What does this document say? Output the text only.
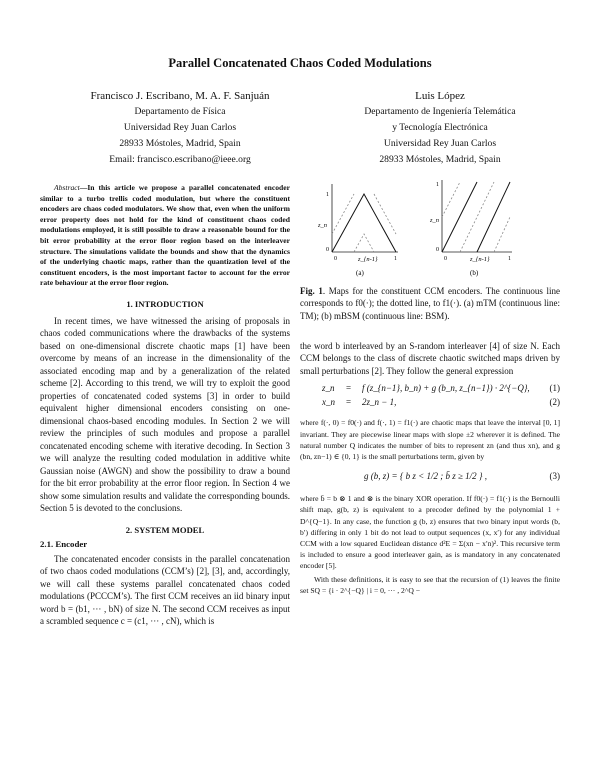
Parallel Concatenated Chaos Coded Modulations
Francisco J. Escribano, M. A. F. Sanjuán
Departamento de Física
Universidad Rey Juan Carlos
28933 Móstoles, Madrid, Spain
Email: francisco.escribano@ieee.org
Luis López
Departamento de Ingeniería Telemática
y Tecnología Electrónica
Universidad Rey Juan Carlos
28933 Móstoles, Madrid, Spain
Abstract—In this article we propose a parallel concatenated encoder similar to a turbo trellis coded modulation, but where the constituent encoders are chaos coded modulators. We show that, even when the uniform error property does not hold for the kind of constituent chaos coded modulations employed, it is still possible to draw a reasonable bound for the bit error probability at the error floor region based on the interleaver structure. The simulations validate the bounds and show that the dynamics of the underlying chaotic maps, rather than the quantization level of the constituent encoders, is the most important factor to account for the error rate behaviour at the error floor region.
1. INTRODUCTION

In recent times, we have witnessed the arising of proposals in chaos coded communications where the drawbacks of the systems based on one-dimensional discrete chaotic maps [1] have been overcome by means of an increase in the dimensionality of the associated encoding map and by a generalization of the related scheme [2]. According to this trend, we will try to exploit the good properties of concatenated coded systems [3] in order to build equivalent higher dimensional encoders consisting on one-dimensional chaos-based encoding modules. In Section 2 we will review the principles of such modules and propose a parallel concatenated encoding scheme with iterative decoding. In Section 3 we will analyze the resulting coded modulation in additive white Gaussian noise (AWGN) and show the possibility to draw a bound for the bit error probability at the error floor region. In Section 4 we show some simulation results and validate the corresponding bounds. Section 5 is devoted to the conclusions.

2. SYSTEM MODEL
2.1. Encoder

The concatenated encoder consists in the parallel concatenation of two chaos coded modulations (CCM’s) [2], [3], and, accordingly, we will call these systems parallel concatenated chaos coded modulations (PCCCM’s). The first CCM receives an iid binary input word b = (b1, ··· , bN) of size N. The second CCM receives as input a scrambled sequence c = (c1, ··· , cN), which is

1
0
0	1
z_n
z_{n-1}
(a)
1
0
0	1
z_n
z_{n-1}
(b)
Fig. 1. Maps for the constituent CCM encoders. The continuous line corresponds to f0(·); the dotted line, to f1(·). (a) mTM (continuous line: TM); (b) mBSM (continuous line: BSM).

the word b interleaved by an S-random interleaver [4] of size N. Each CCM belongs to the class of discrete chaotic switched maps driven by small perturbations [2]. They follow the general expression

z_n = f (z_{n−1}, b_n) + g (b_n, z_{n−1}) · 2^{−Q}, (1)
x_n = 2z_n − 1,	(2)

where f(·, 0) = f0(·) and f(·, 1) = f1(·) are chaotic maps that leave the interval [0, 1] invariant. They are piecewise linear maps with slope ±2 wherever it is defined. The natural number Q indicates the number of bits to represent zn (and thus xn), and g (bn, zn−1) ∈ {0, 1} is the small perturbations term, given by

g (b, z) = { b z < 1/2 ; b̄ z ≥ 1/2 } ,	(3)

where b̄ = b ⊗ 1 and ⊗ is the binary XOR operation. If f0(·) = f1(·) is the Bernoulli shift map, g(b, z) is equivalent to a precoder defined by the polynomial 1 + D^{Q−1}. In any case, the function g (b, z) ensures that two binary input words (b, b′) differing in only 1 bit do not lead to output sequences (x, x′) for any individual CCM with a low squared Euclidean distance d²E = Σ(xn − x′n)². This recursive term is included to ensure a good interleaver gain, as is mandatory in any concatenated encoder [5].

With these definitions, it is easy to see that the recursion of (1) leaves the finite set SQ = {i · 2^{−Q} | i = 0, ··· , 2^Q −
